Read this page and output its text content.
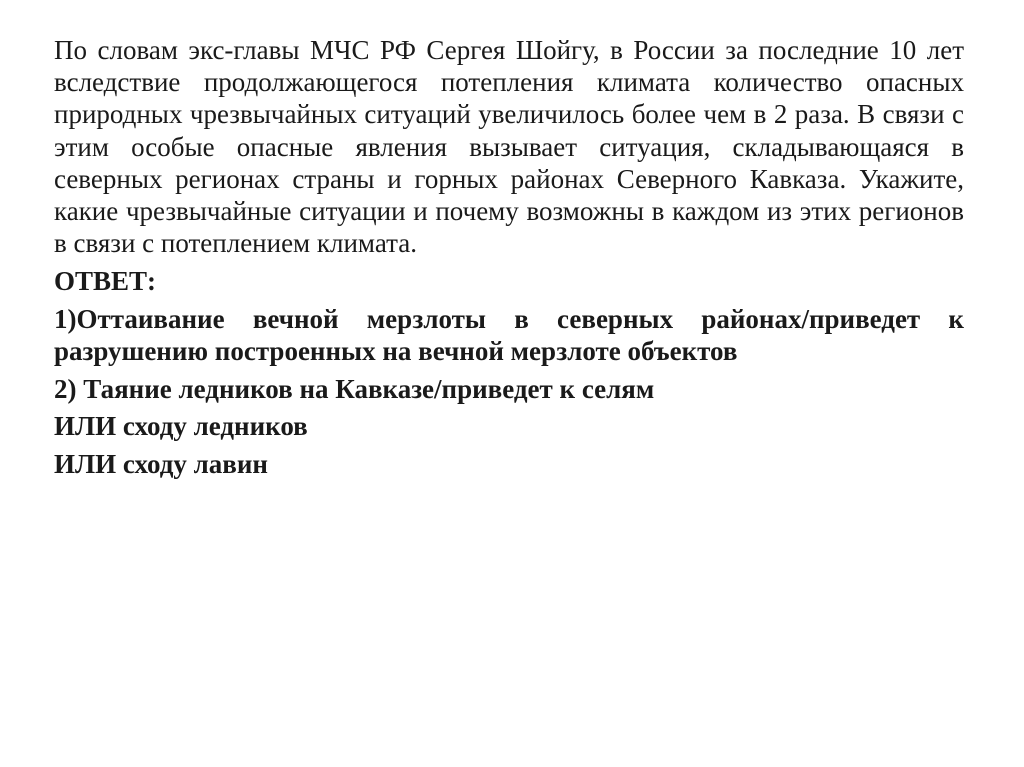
По словам экс-главы МЧС РФ Сергея Шойгу, в России за последние 10 лет вследствие продолжающегося потепления климата количество опасных природных чрезвычайных ситуаций увеличилось более чем в 2 раза. В связи с этим особые опасные явления вызывает ситуация, складывающаяся в северных регионах страны и горных районах Северного Кавказа. Укажите, какие чрезвычайные ситуации и почему возможны в каждом из этих регионов в связи с потеплением климата.

ОТВЕТ:

1)Оттаивание вечной мерзлоты в северных районах/приведет к разрушению построенных на вечной мерзлоте объектов

2) Таяние ледников на Кавказе/приведет к селям

ИЛИ сходу ледников

ИЛИ сходу лавин
